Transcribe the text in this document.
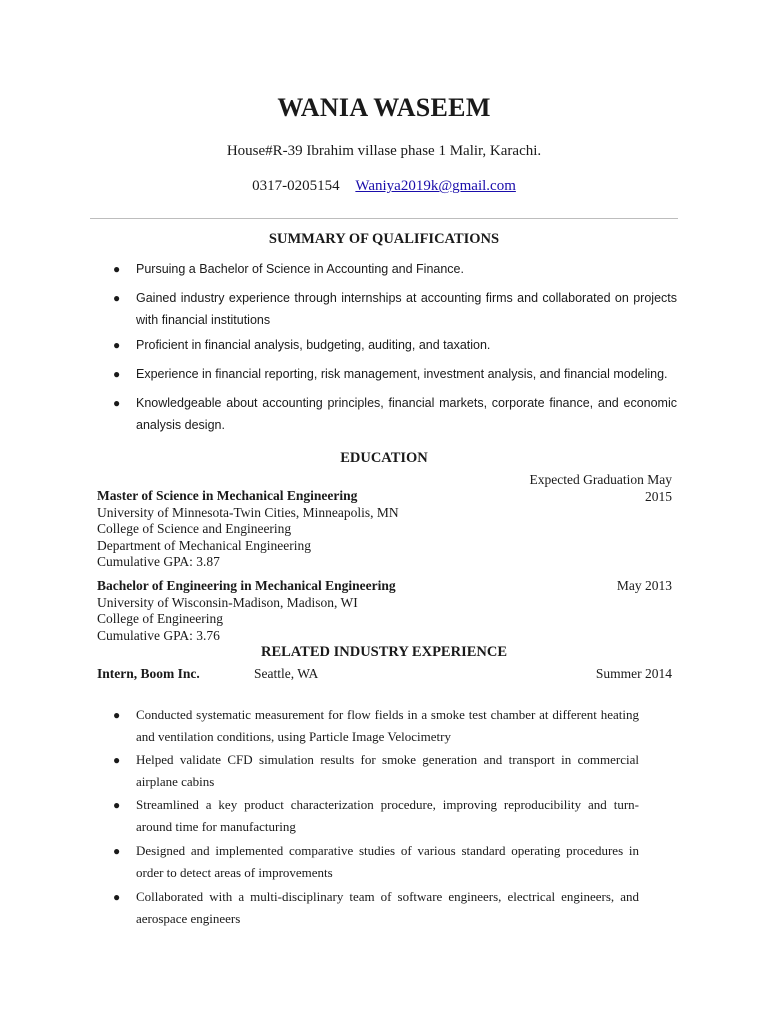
WANIA WASEEM
House#R-39 Ibrahim villase phase 1 Malir, Karachi.
0317-0205154 Waniya2019k@gmail.com
SUMMARY OF QUALIFICATIONS
● Pursuing a Bachelor of Science in Accounting and Finance.
● Gained industry experience through internships at accounting firms and collaborated on projects with financial institutions
● Proficient in financial analysis, budgeting, auditing, and taxation.
● Experience in financial reporting, risk management, investment analysis, and financial modeling.
● Knowledgeable about accounting principles, financial markets, corporate finance, and economic analysis design.
EDUCATION
Expected Graduation May 2015
Master of Science in Mechanical Engineering
University of Minnesota-Twin Cities, Minneapolis, MN
College of Science and Engineering
Department of Mechanical Engineering
Cumulative GPA: 3.87
May 2013
Bachelor of Engineering in Mechanical Engineering
University of Wisconsin-Madison, Madison, WI
College of Engineering
Cumulative GPA: 3.76
RELATED INDUSTRY EXPERIENCE
Intern, Boom Inc.	Seattle, WA	Summer 2014
● Conducted systematic measurement for flow fields in a smoke test chamber at different heating and ventilation conditions, using Particle Image Velocimetry
● Helped validate CFD simulation results for smoke generation and transport in commercial airplane cabins
● Streamlined a key product characterization procedure, improving reproducibility and turn-around time for manufacturing
● Designed and implemented comparative studies of various standard operating procedures in order to detect areas of improvements
● Collaborated with a multi-disciplinary team of software engineers, electrical engineers, and aerospace engineers
